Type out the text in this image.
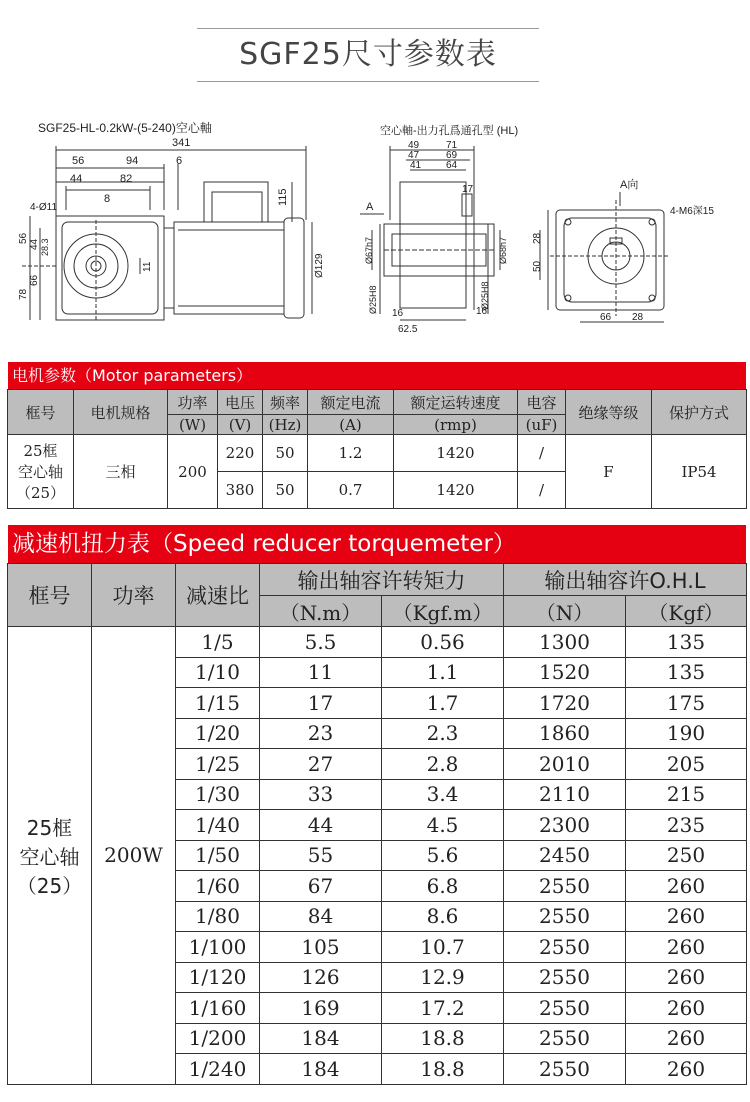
SGF25尺寸参数表
SGF25-HL-0.2kW-(5-240)空心軸	空心軸-出力孔爲通孔型 (HL)
A向
341
56	94	6
44	82
8	115
4-Ø11
56
44 28.3
66
78
11	Ø129
49	71
47	69
41 64
17
A
Ø67h7	Ø68h7
Ø25H8	Ø25H8
16	16
62.5
4-M6深15
28
50
66 28
电机参数（Motor parameters）
框号	电机规格	功率	电压	频率	额定电流	额定运转速度	电容	绝缘等级	保护方式
		(W)	(V)	(Hz)	(A)	(rmp)	(uF)		

25框
空心轴
（25）	三相	200	220	50	1.2	1420	/	F	IP54
			380	50	0.7	1420	/		
减速机扭力表（Speed reducer torquemeter）
框号	功率	减速比	输出轴容许转矩力		输出轴容许O.H.L	
			（N.m）	（Kgf.m）	（N）	（Kgf）

25框
空心轴
（25）	200W	1/5	5.5	0.56	1300	135
		1/10	11	1.1	1520	135
		1/15	17	1.7	1720	175
		1/20	23	2.3	1860	190
		1/25	27	2.8	2010	205
		1/30	33	3.4	2110	215
		1/40	44	4.5	2300	235
		1/50	55	5.6	2450	250
		1/60	67	6.8	2550	260
		1/80	84	8.6	2550	260
		1/100	105	10.7	2550	260
		1/120	126	12.9	2550	260
		1/160	169	17.2	2550	260
		1/200	184	18.8	2550	260
		1/240	184	18.8	2550	260
